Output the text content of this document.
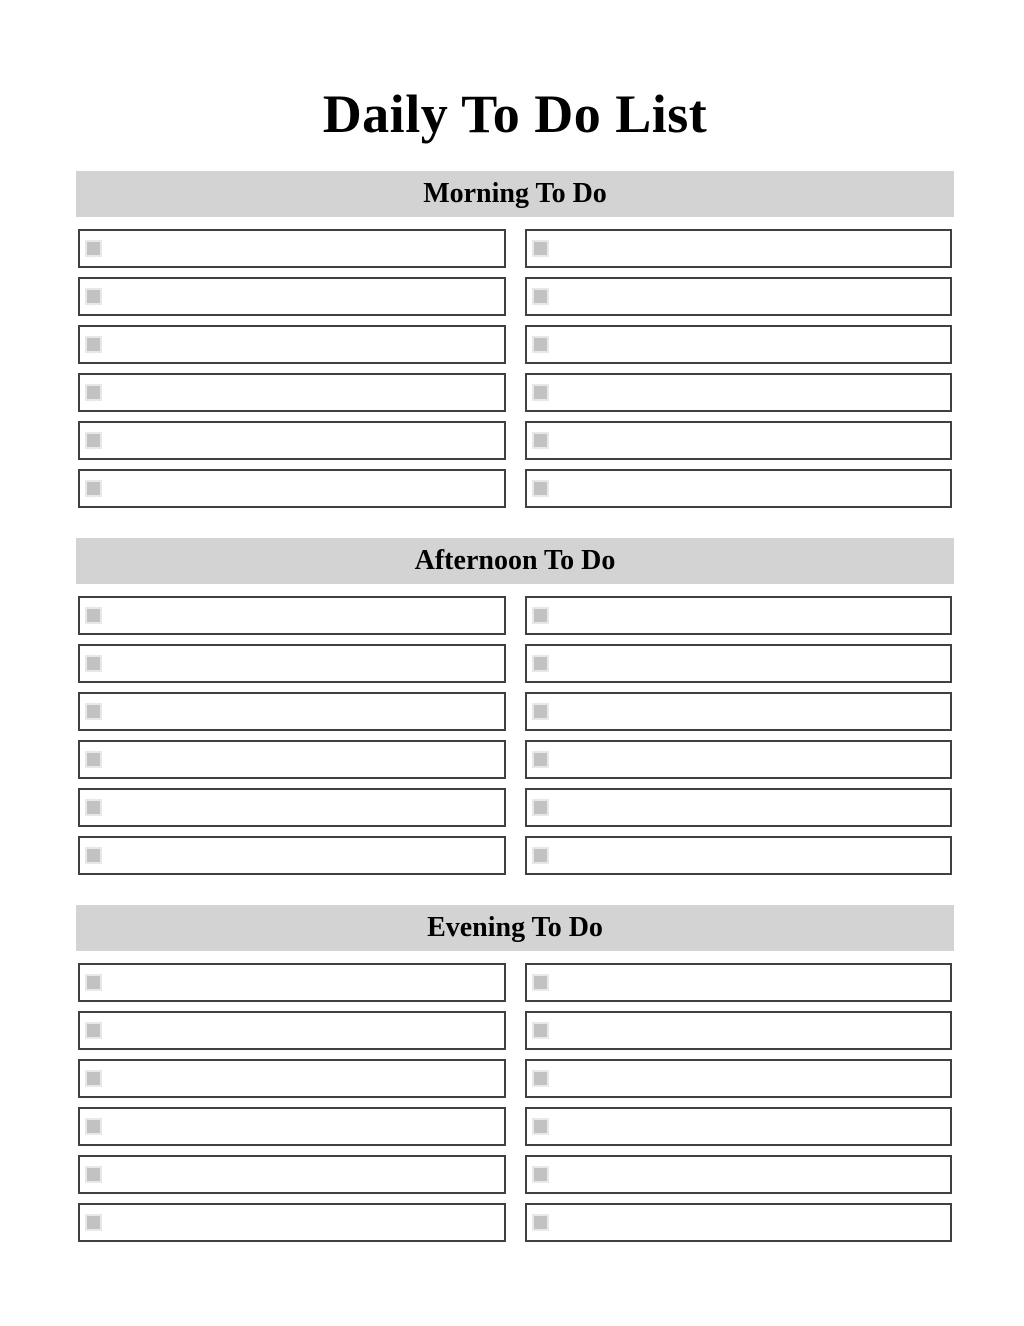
Daily To Do List
Morning To Do
Afternoon To Do
Evening To Do
